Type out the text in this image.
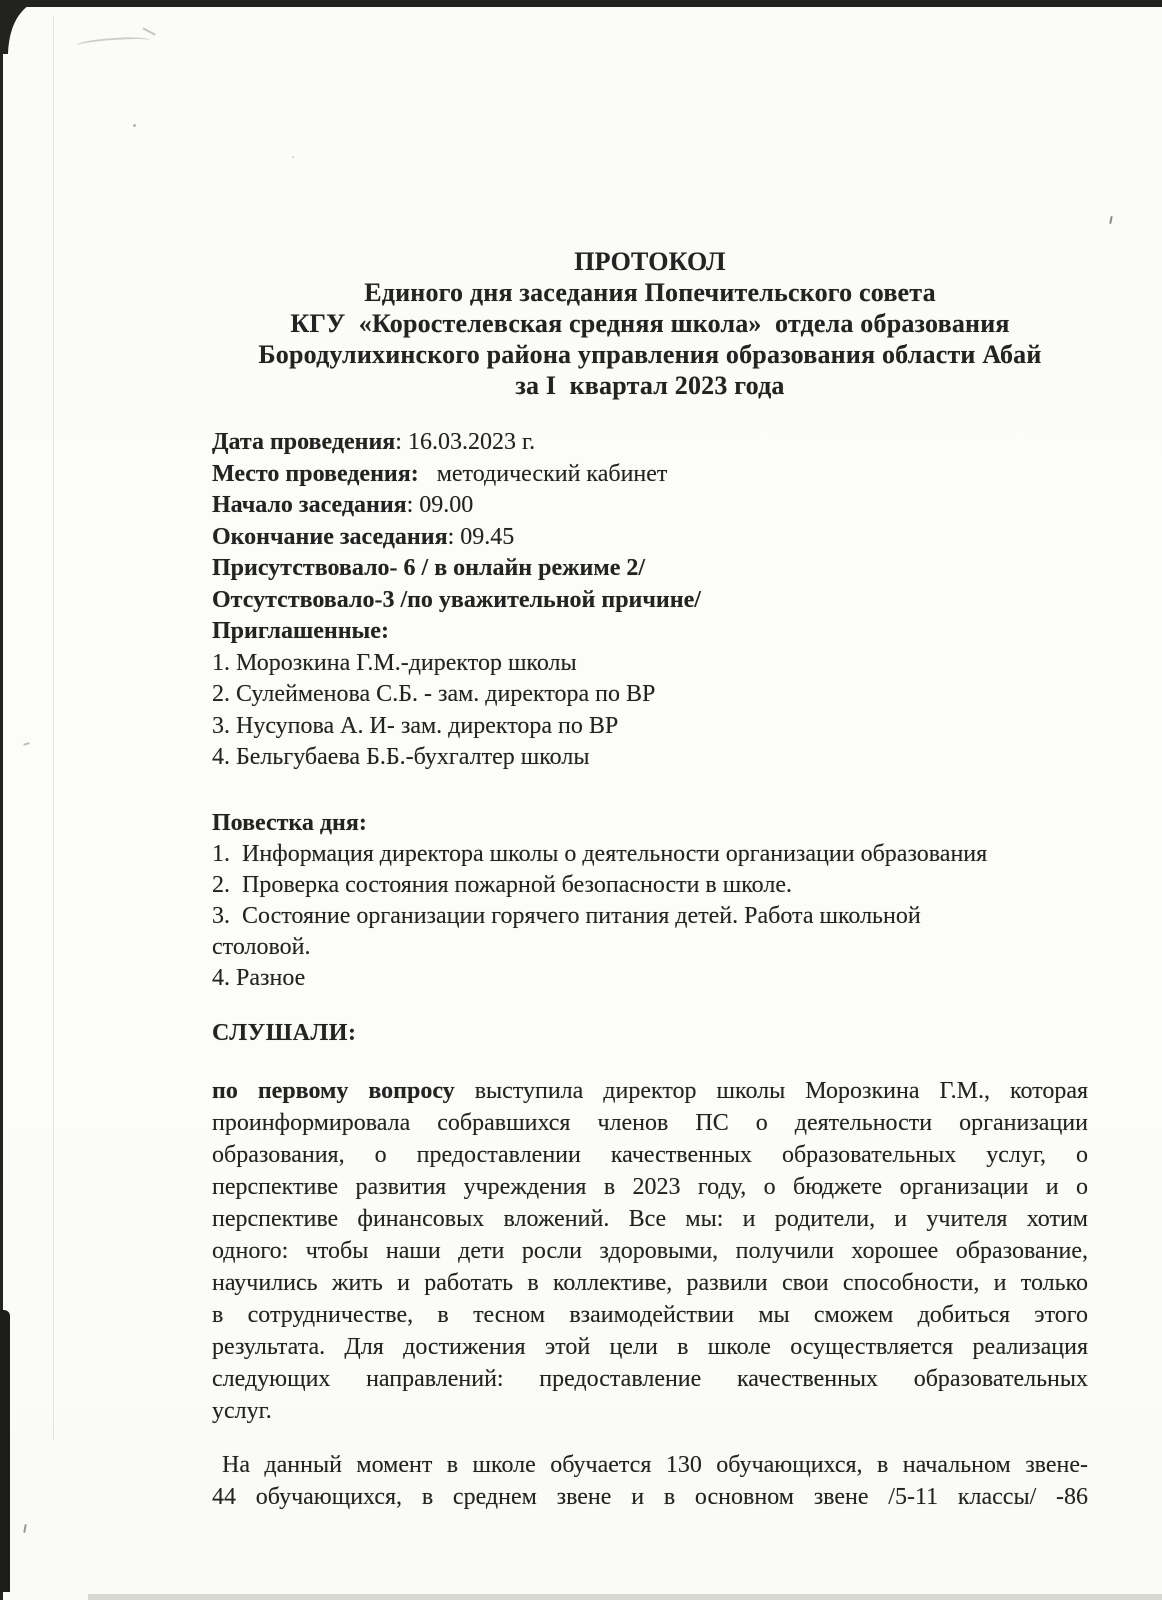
ПРОТОКОЛ
Единого дня заседания Попечительского совета
КГУ  «Коростелевская средняя школа»  отдела образования
Бородулихинского района управления образования области Абай
за I  квартал 2023 года
Дата проведения: 16.03.2023 г.
Место проведения:   методический кабинет
Начало заседания: 09.00
Окончание заседания: 09.45
Присутствовало- 6 / в онлайн режиме 2/
Отсутствовало-3 /по уважительной причине/
Приглашенные:
1. Морозкина Г.М.-директор школы
2. Сулейменова С.Б. - зам. директора по ВР
3. Нусупова А. И- зам. директора по ВР
4. Бельгубаева Б.Б.-бухгалтер школы
Повестка дня:
1.  Информация директора школы о деятельности организации образования
2.  Проверка состояния пожарной безопасности в школе.
3.  Состояние организации горячего питания детей. Работа школьной
столовой.
4. Разное
СЛУШАЛИ:
по первому вопросу выступила директор школы Морозкина Г.М., которая
проинформировала собравшихся членов ПС о деятельности организации
образования, о предоставлении качественных образовательных услуг, о
перспективе развития учреждения в 2023 году, о бюджете организации и о
перспективе финансовых вложений. Все мы: и родители, и учителя хотим
одного: чтобы наши дети росли здоровыми, получили хорошее образование,
научились жить и работать в коллективе, развили свои способности, и только
в сотрудничестве, в тесном взаимодействии мы сможем добиться этого
результата. Для достижения этой цели в школе осуществляется реализация
следующих направлений: предоставление качественных образовательных
услуг.
На данный момент в школе обучается 130 обучающихся, в начальном звене-
44 обучающихся, в среднем звене и в основном звене /5-11 классы/ -86
